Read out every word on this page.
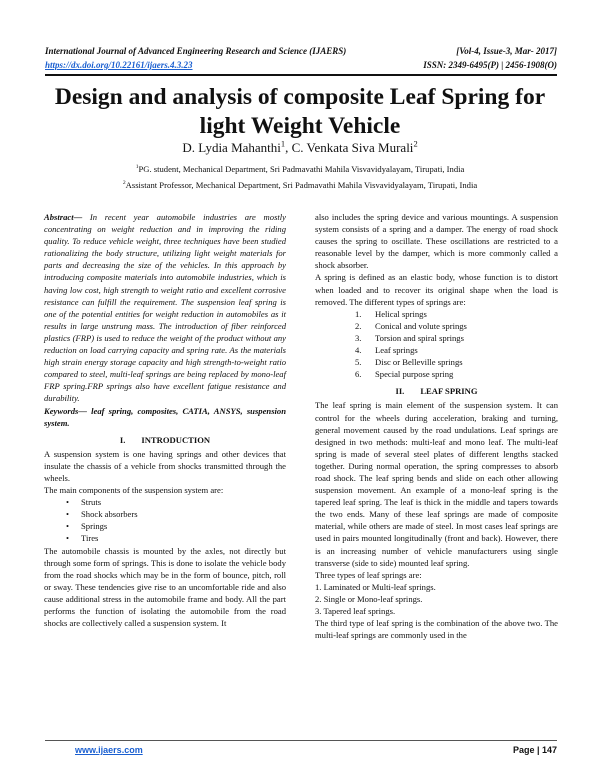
International Journal of Advanced Engineering Research and Science (IJAERS)	[Vol-4, Issue-3, Mar- 2017]
https://dx.doi.org/10.22161/ijaers.4.3.23	ISSN: 2349-6495(P) | 2456-1908(O)
Design and analysis of composite Leaf Spring for light Weight Vehicle
D. Lydia Mahanthi$^1$, C. Venkata Siva Murali$^2$
$^1$PG. student, Mechanical Department, Sri Padmavathi Mahila Visvavidyalayam, Tirupati, India
$^2$Assistant Professor, Mechanical Department, Sri Padmavathi Mahila Visvavidyalayam, Tirupati, India

Abstract— In recent year automobile industries are mostly concentrating on weight reduction and in improving the riding quality. To reduce vehicle weight, three techniques have been studied rationalizing the body structure, utilizing light weight materials for parts and decreasing the size of the vehicles. In this approach by introducing composite materials into automobile industries, which is having low cost, high strength to weight ratio and excellent corrosive resistance can fulfill the requirement. The suspension leaf spring is one of the potential entities for weight reduction in automobiles as it results in large unstrung mass. The introduction of fiber reinforced plastics (FRP) is used to reduce the weight of the product without any reduction on load carrying capacity and spring rate. As the materials high strain energy storage capacity and high strength-to-weight ratio compared to steel, multi-leaf springs are being replaced by mono-leaf FRP spring.FRP springs also have excellent fatigue resistance and durability.

Keywords— leaf spring, composites, CATIA, ANSYS, suspension system.

I. INTRODUCTION

A suspension system is one having springs and other devices that insulate the chassis of a vehicle from shocks transmitted through the wheels.

The main components of the suspension system are:

• Struts
• Shock absorbers
• Springs
• Tires

The automobile chassis is mounted by the axles, not directly but through some form of springs. This is done to isolate the vehicle body from the road shocks which may be in the form of bounce, pitch, roll or sway. These tendencies give rise to an uncomfortable ride and also cause additional stress in the automobile frame and body. All the part performs the function of isolating the automobile from the road shocks are collectively called a suspension system. It

also includes the spring device and various mountings. A suspension system consists of a spring and a damper. The energy of road shock causes the spring to oscillate. These oscillations are restricted to a reasonable level by the damper, which is more commonly called a shock absorber.

A spring is defined as an elastic body, whose function is to distort when loaded and to recover its original shape when the load is removed. The different types of springs are:

1.	Helical springs
2.	Conical and volute springs
3.	Torsion and spiral springs
4.	Leaf springs
5.	Disc or Belleville springs
6.	Special purpose spring

II. LEAF SPRING

The leaf spring is main element of the suspension system. It can control for the wheels during acceleration, braking and turning, general movement caused by the road undulations. Leaf springs are designed in two methods: multi-leaf and mono leaf. The multi-leaf spring is made of several steel plates of different lengths stacked together. During normal operation, the spring compresses to absorb road shock. The leaf spring bends and slide on each other allowing suspension movement. An example of a mono-leaf spring is the tapered leaf spring. The leaf is thick in the middle and tapers towards the two ends. Many of these leaf springs are made of composite material, while others are made of steel. In most cases leaf springs are used in pairs mounted longitudinally (front and back). However, there is an increasing number of vehicle manufacturers using single transverse (side to side) mounted leaf spring.

Three types of leaf springs are:

1. Laminated or Multi-leaf springs.

2. Single or Mono-leaf springs.

3. Tapered leaf springs.

The third type of leaf spring is the combination of the above two. The multi-leaf springs are commonly used in the

www.ijaers.com	Page | 147
